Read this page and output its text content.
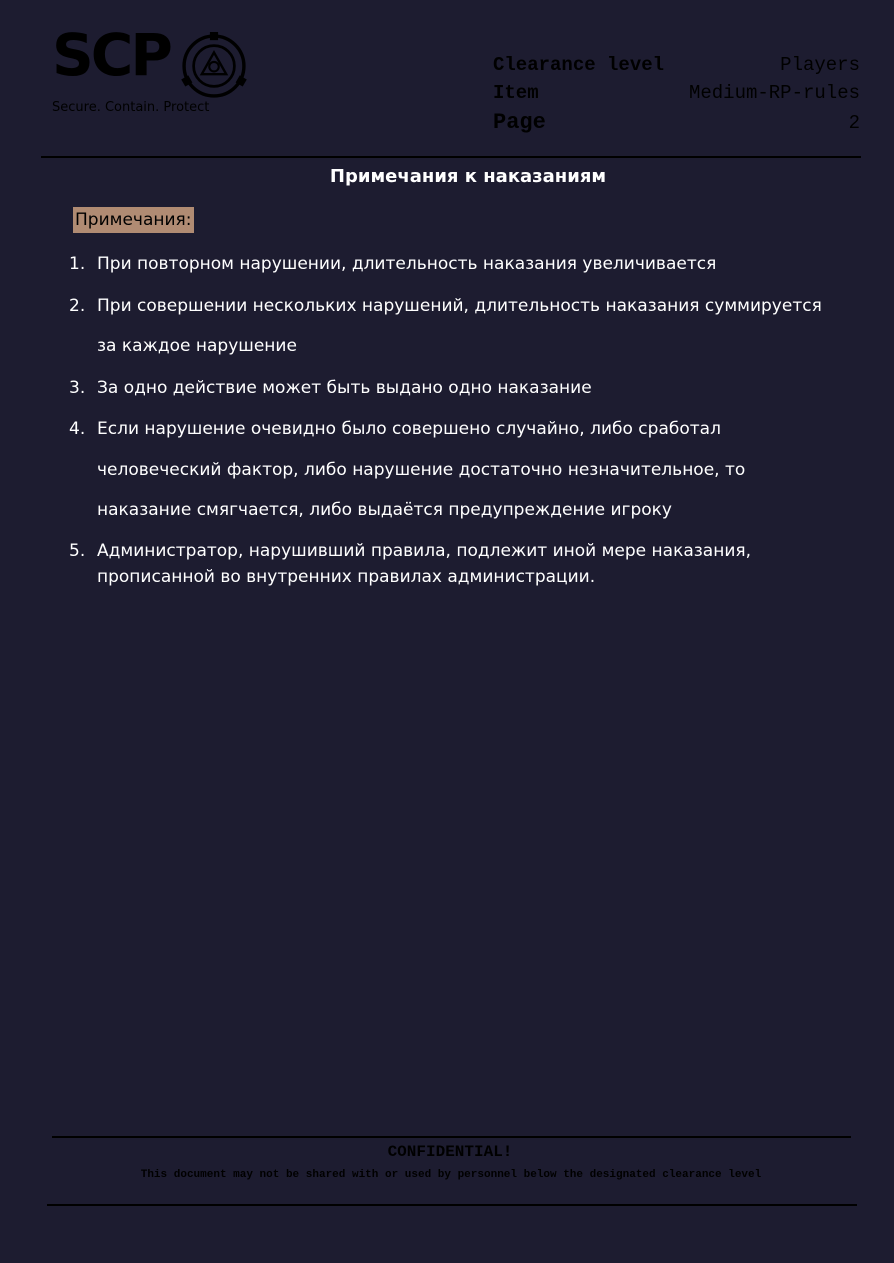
SCP
Secure. Contain. Protect
Clearance level	Players
Item	Medium-RP-rules
Page	2
Примечания к наказаниям
Примечания:
1. При повторном нарушении, длительность наказания увеличивается
2. При совершении нескольких нарушений, длительность наказания суммируется
за каждое нарушение
3. За одно действие может быть выдано одно наказание
4. Если нарушение очевидно было совершено случайно, либо сработал
человеческий фактор, либо нарушение достаточно незначительное, то
наказание смягчается, либо выдаётся предупреждение игроку
5. Администратор, нарушивший правила, подлежит иной мере наказания,
прописанной во внутренних правилах администрации.
CONFIDENTIAL!
This document may not be shared with or used by personnel below the designated clearance level
